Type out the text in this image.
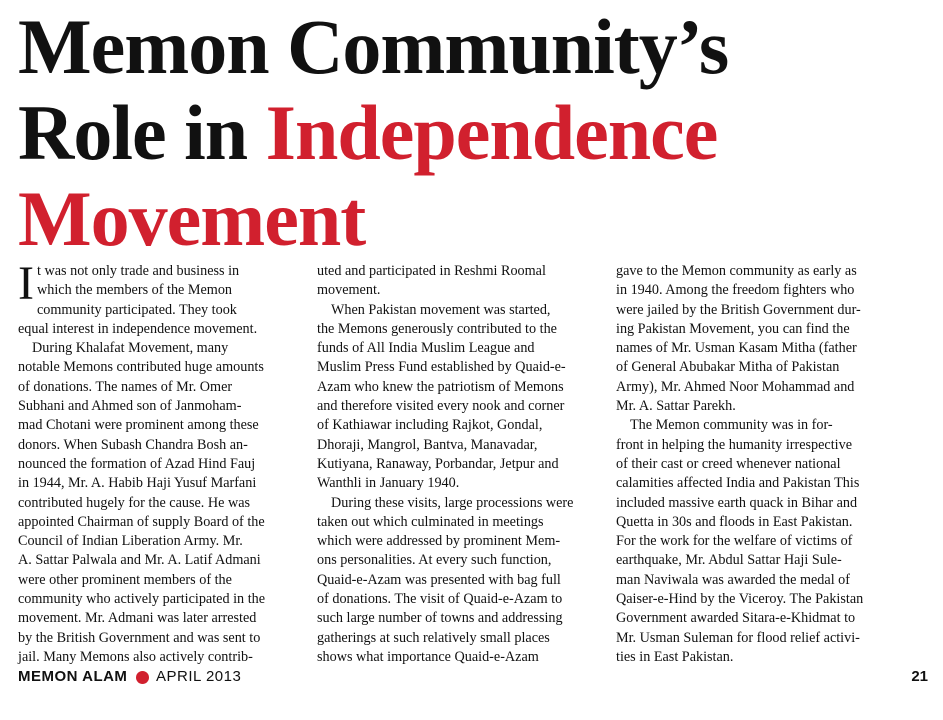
Memon Community’s
Role in Independence
Movement
I t was not only trade and business in

which the members of the Memon

community participated. They took

equal interest in independence movement.

During Khalafat Movement, many

notable Memons contributed huge amounts

of donations. The names of Mr. Omer

Subhani and Ahmed son of Janmoham-

mad Chotani were prominent among these

donors. When Subash Chandra Bosh an-

nounced the formation of Azad Hind Fauj

in 1944, Mr. A. Habib Haji Yusuf Marfani

contributed hugely for the cause. He was

appointed Chairman of supply Board of the

Council of Indian Liberation Army. Mr.

A. Sattar Palwala and Mr. A. Latif Admani

were other prominent members of the

community who actively participated in the

movement. Mr. Admani was later arrested

by the British Government and was sent to

jail. Many Memons also actively contrib-

uted and participated in Reshmi Roomal

movement.

When Pakistan movement was started,

the Memons generously contributed to the

funds of All India Muslim League and

Muslim Press Fund established by Quaid-e-

Azam who knew the patriotism of Memons

and therefore visited every nook and corner

of Kathiawar including Rajkot, Gondal,

Dhoraji, Mangrol, Bantva, Manavadar,

Kutiyana, Ranaway, Porbandar, Jetpur and

Wanthli in January 1940.

During these visits, large processions were

taken out which culminated in meetings

which were addressed by prominent Mem-

ons personalities. At every such function,

Quaid-e-Azam was presented with bag full

of donations. The visit of Quaid-e-Azam to

such large number of towns and addressing

gatherings at such relatively small places

shows what importance Quaid-e-Azam

gave to the Memon community as early as

in 1940. Among the freedom fighters who

were jailed by the British Government dur-

ing Pakistan Movement, you can find the

names of Mr. Usman Kasam Mitha (father

of General Abubakar Mitha of Pakistan

Army), Mr. Ahmed Noor Mohammad and

Mr. A. Sattar Parekh.

The Memon community was in for-

front in helping the humanity irrespective

of their cast or creed whenever national

calamities affected India and Pakistan This

included massive earth quack in Bihar and

Quetta in 30s and floods in East Pakistan.

For the work for the welfare of victims of

earthquake, Mr. Abdul Sattar Haji Sule-

man Naviwala was awarded the medal of

Qaiser-e-Hind by the Viceroy. The Pakistan

Government awarded Sitara-e-Khidmat to

Mr. Usman Suleman for flood relief activi-

ties in East Pakistan.

MEMON ALAM APRIL 2013	21
